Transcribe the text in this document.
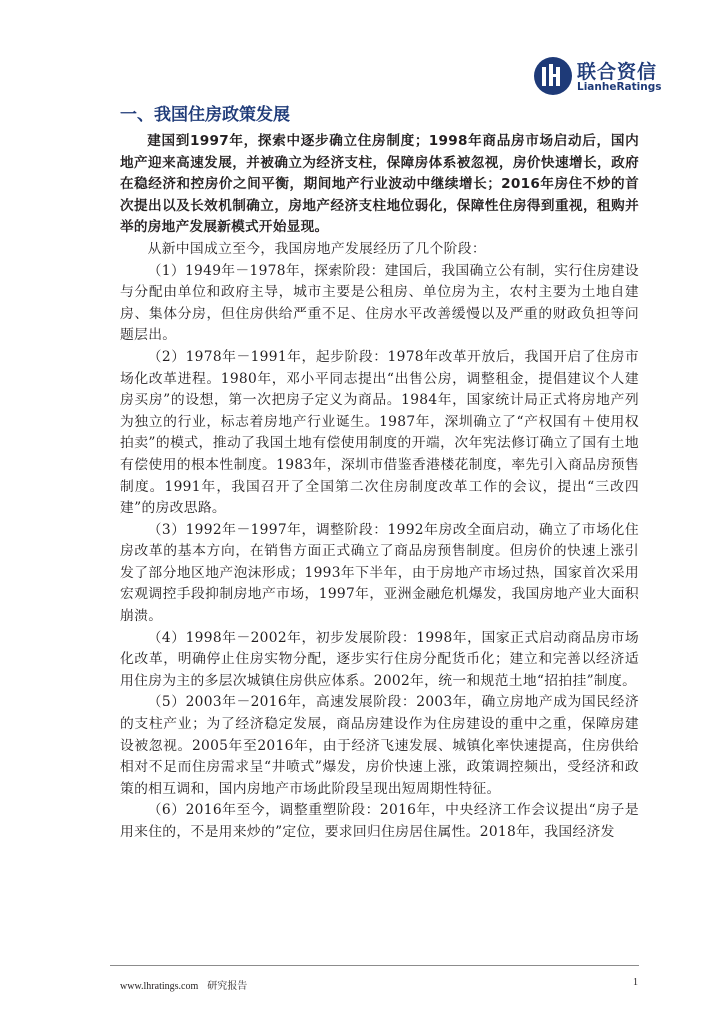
联合资信
LianheRatings
一、我国住房政策发展

建国到1997年，探索中逐步确立住房制度；1998年商品房市场启动后，国内地产迎来高速发展，并被确立为经济支柱，保障房体系被忽视，房价快速增长，政府在稳经济和控房价之间平衡，期间地产行业波动中继续增长；2016年房住不炒的首次提出以及长效机制确立，房地产经济支柱地位弱化，保障性住房得到重视，租购并举的房地产发展新模式开始显现。

从新中国成立至今，我国房地产发展经历了几个阶段：

（1）1949年－1978年，探索阶段：建国后，我国确立公有制，实行住房建设与分配由单位和政府主导，城市主要是公租房、单位房为主，农村主要为土地自建房、集体分房，但住房供给严重不足、住房水平改善缓慢以及严重的财政负担等问题层出。

（2）1978年－1991年，起步阶段：1978年改革开放后，我国开启了住房市场化改革进程。1980年，邓小平同志提出“出售公房，调整租金，提倡建议个人建房买房”的设想，第一次把房子定义为商品。1984年，国家统计局正式将房地产列为独立的行业，标志着房地产行业诞生。1987年，深圳确立了“产权国有＋使用权拍卖”的模式，推动了我国土地有偿使用制度的开端，次年宪法修订确立了国有土地有偿使用的根本性制度。1983年，深圳市借鉴香港楼花制度，率先引入商品房预售制度。1991年，我国召开了全国第二次住房制度改革工作的会议，提出“三改四建”的房改思路。

（3）1992年－1997年，调整阶段：1992年房改全面启动，确立了市场化住房改革的基本方向，在销售方面正式确立了商品房预售制度。但房价的快速上涨引发了部分地区地产泡沫形成；1993年下半年，由于房地产市场过热，国家首次采用宏观调控手段抑制房地产市场，1997年，亚洲金融危机爆发，我国房地产业大面积崩溃。

（4）1998年－2002年，初步发展阶段：1998年，国家正式启动商品房市场化改革，明确停止住房实物分配，逐步实行住房分配货币化；建立和完善以经济适用住房为主的多层次城镇住房供应体系。2002年，统一和规范土地“招拍挂”制度。

（5）2003年－2016年，高速发展阶段：2003年，确立房地产成为国民经济的支柱产业；为了经济稳定发展，商品房建设作为住房建设的重中之重，保障房建设被忽视。2005年至2016年，由于经济飞速发展、城镇化率快速提高，住房供给相对不足而住房需求呈“井喷式”爆发，房价快速上涨，政策调控频出，受经济和政策的相互调和，国内房地产市场此阶段呈现出短周期性特征。

（6）2016年至今，调整重塑阶段：2016年，中央经济工作会议提出“房子是用来住的，不是用来炒的”定位，要求回归住房居住属性。2018年，我国经济发

www.lhratings.com 研究报告	1
